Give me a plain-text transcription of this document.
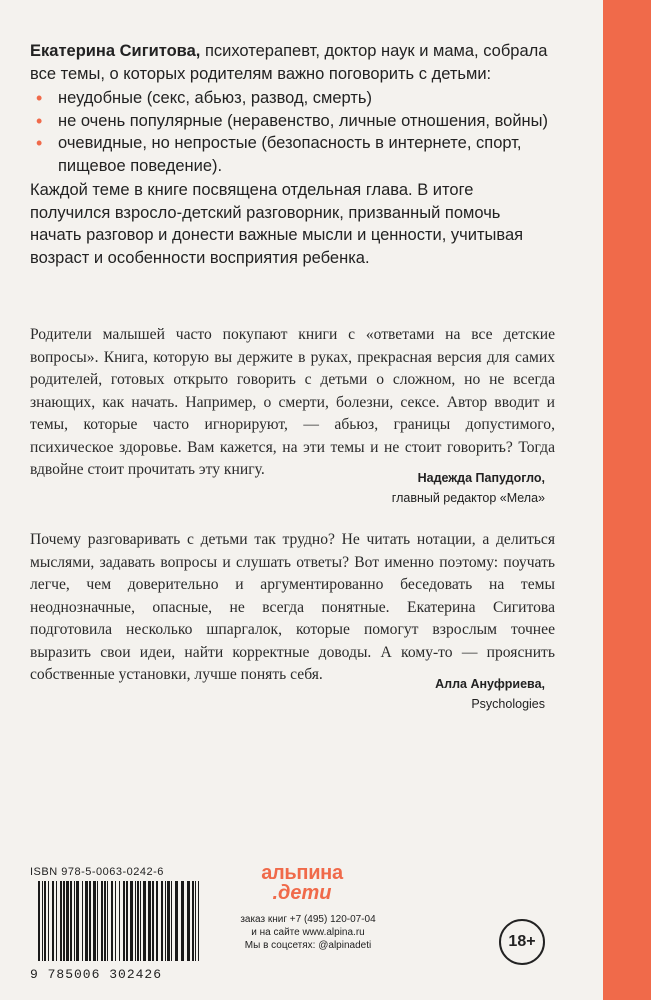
Екатерина Сигитова, психотерапевт, доктор наук и мама, собрала все темы, о которых родителям важно поговорить с детьми:

• неудобные (секс, абьюз, развод, смерть)
• не очень популярные (неравенство, личные отношения, войны)
• очевидные, но непростые (безопасность в интернете, спорт, пищевое поведение).

Каждой теме в книге посвящена отдельная глава. В итоге получился взросло-детский разговорник, призванный помочь начать разговор и донести важные мысли и ценности, учитывая возраст и особенности восприятия ребенка.

Родители малышей часто покупают книги с «ответами на все детские вопросы». Книга, которую вы держите в руках, прекрасная версия для самих родителей, готовых открыто говорить с детьми о сложном, но не всегда знающих, как начать. Например, о смерти, болезни, сексе. Автор вводит и темы, которые часто игнорируют, — абьюз, границы допустимого, психическое здоровье. Вам кажется, на эти темы и не стоит говорить? Тогда вдвойне стоит прочитать эту книгу.	Надежда Папудогло,
главный редактор «Мела»
Почему разговаривать с детьми так трудно? Не читать нотации, а делиться мыслями, задавать вопросы и слушать ответы? Вот именно поэтому: поучать легче, чем доверительно и аргументированно беседовать на темы неоднозначные, опасные, не всегда понятные. Екатерина Сигитова подготовила несколько шпаргалок, которые помогут взрослым точнее выразить свои идеи, найти корректные доводы. А кому-то — прояснить собственные установки, лучше понять себя.
Алла Ануфриева,
Psychologies
ISBN 978-5-0063-0242-6
9 785006 302426
альпина
.дети
заказ книг +7 (495) 120-07-04
и на сайте www.alpina.ru
Мы в соцсетях: @alpinadeti	18+
